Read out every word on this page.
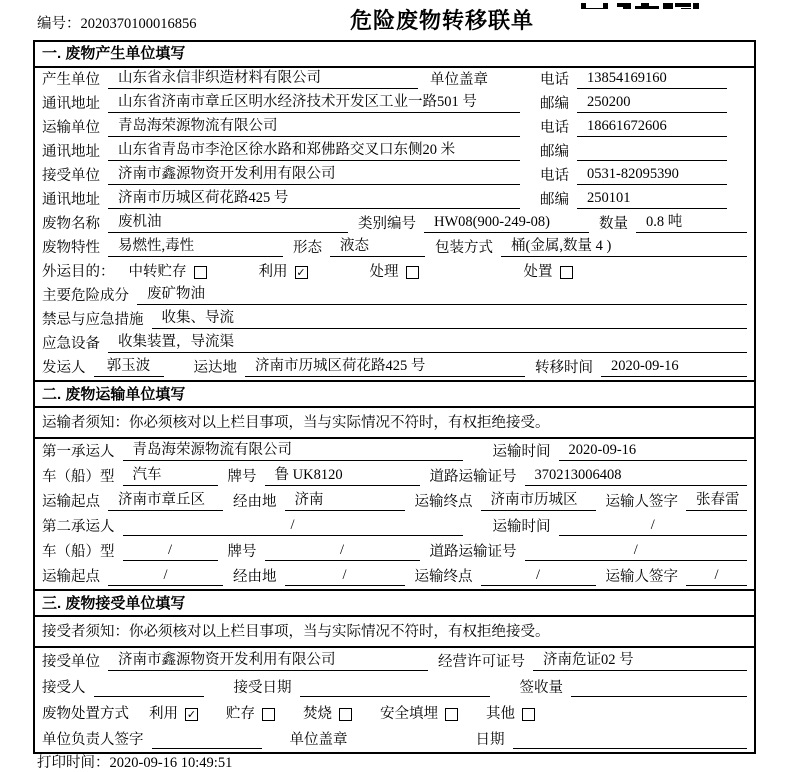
编号：2020370100016856	危险废物转移联单
一. 废物产生单位填写
产生单位	山东省永信非织造材料有限公司	单位盖章	电话	13854169160
通讯地址	山东省济南市章丘区明水经济技术开发区工业一路501 号	邮编	250200
运输单位	青岛海荣源物流有限公司	电话	18661672606
通讯地址	山东省青岛市李沧区徐水路和郑佛路交叉口东侧20 米	邮编
接受单位	济南市鑫源物资开发利用有限公司	电话	0531-82095390
通讯地址	济南市历城区荷花路425 号	邮编	250101
废物名称	废机油	类别编号	HW08(900-249-08)	数量	0.8 吨
废物特性	易燃性,毒性	形态	液态	包装方式	桶(金属,数量 4 )
外运目的： 中转贮存	利用 ✓	处理	处置
主要危险成分	废矿物油
禁忌与应急措施	收集、导流
应急设备	收集装置，导流渠
发运人	郭玉波	运达地	济南市历城区荷花路425 号	转移时间	2020-09-16
二. 废物运输单位填写
运输者须知：你必须核对以上栏目事项，当与实际情况不符时，有权拒绝接受。
第一承运人	青岛海荣源物流有限公司	运输时间	2020-09-16
车（船）型	汽车	牌号	鲁 UK8120	道路运输证号	370213006408
运输起点	济南市章丘区	经由地	济南	运输终点	济南市历城区	运输人签字	张春雷
第二承运人	/	运输时间	/
车（船）型	/	牌号	/	道路运输证号	/
运输起点	/	经由地	/	运输终点	/	运输人签字	/
三. 废物接受单位填写
接受者须知：你必须核对以上栏目事项，当与实际情况不符时，有权拒绝接受。
接受单位	济南市鑫源物资开发利用有限公司	经营许可证号	济南危证02 号
接受人	接受日期	签收量
废物处置方式 利用 ✓ 贮存	焚烧	安全填埋	其他
单位负责人签字	单位盖章	日期
打印时间：2020-09-16 10:49:51
